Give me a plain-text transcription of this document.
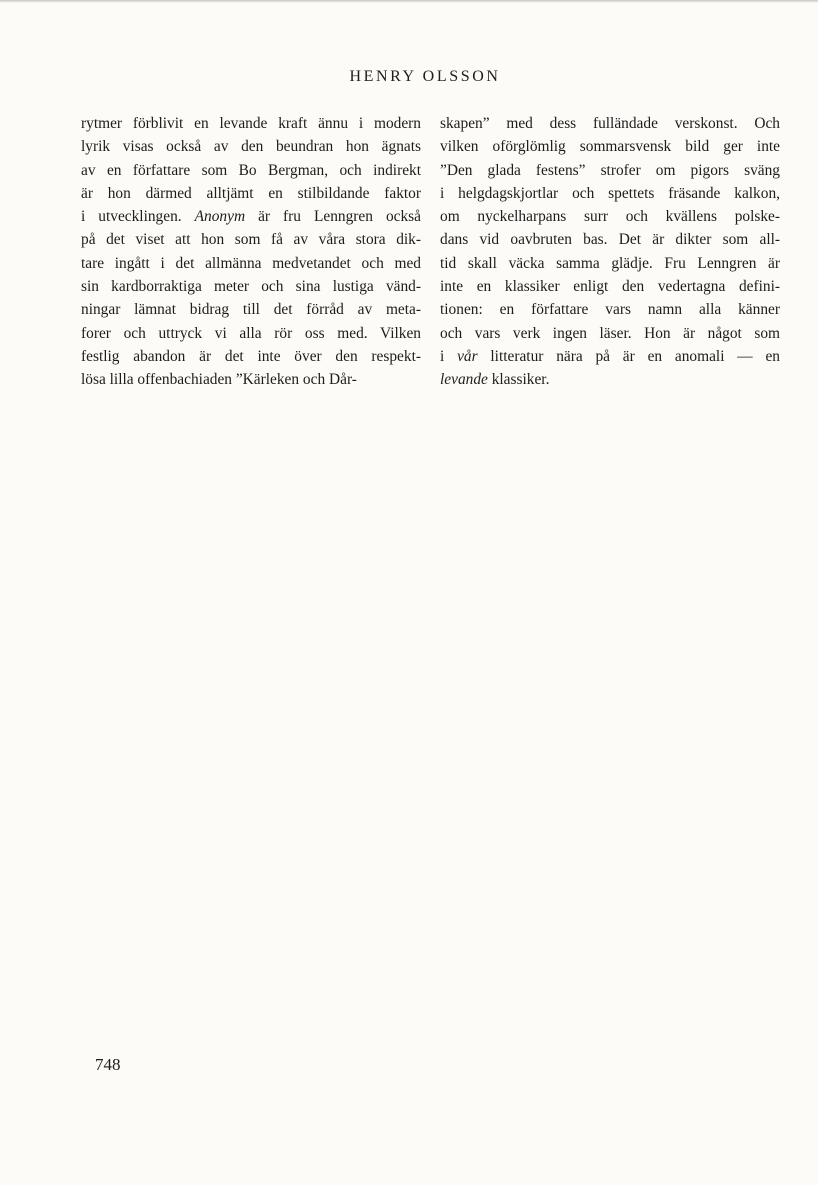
HENRY OLSSON
rytmer förblivit en levande kraft ännu i modern
lyrik visas också av den beundran hon ägnats
av en författare som Bo Bergman, och indirekt
är hon därmed alltjämt en stilbildande faktor
i utvecklingen. Anonym är fru Lenngren också
på det viset att hon som få av våra stora dik-
tare ingått i det allmänna medvetandet och med
sin kardborraktiga meter och sina lustiga vänd-
ningar lämnat bidrag till det förråd av meta-
forer och uttryck vi alla rör oss med. Vilken
festlig abandon är det inte över den respekt-
lösa lilla offenbachiaden ”Kärleken och Dår-
skapen” med dess fulländade verskonst. Och
vilken oförglömlig sommarsvensk bild ger inte
”Den glada festens” strofer om pigors sväng
i helgdagskjortlar och spettets fräsande kalkon,
om nyckelharpans surr och kvällens polske-
dans vid oavbruten bas. Det är dikter som all-
tid skall väcka samma glädje. Fru Lenngren är
inte en klassiker enligt den vedertagna defini-
tionen: en författare vars namn alla känner
och vars verk ingen läser. Hon är något som
i vår litteratur nära på är en anomali — en
levande klassiker.
748
